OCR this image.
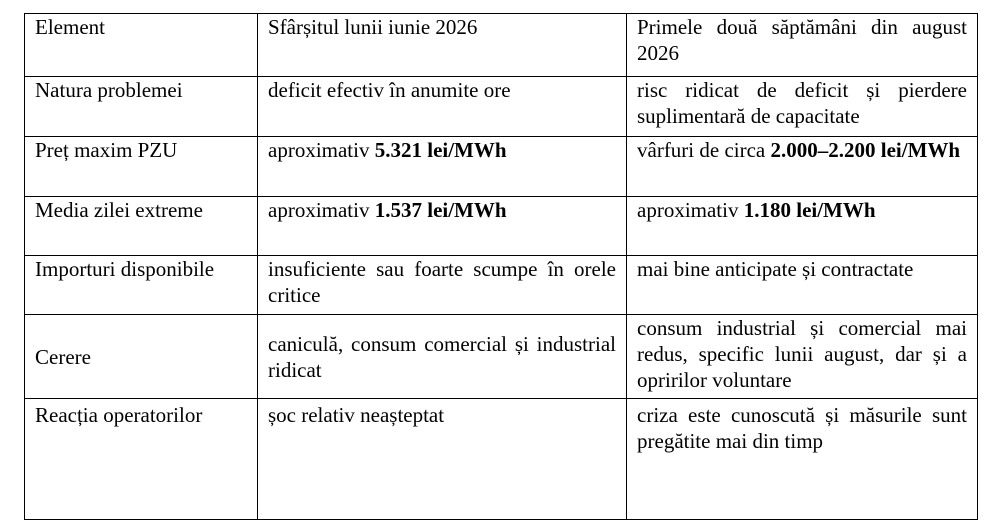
Element	Sfârșitul lunii iunie 2026	Primele două săptămâni din august 2026
Natura problemei	deficit efectiv în anumite ore	risc ridicat de deficit și pierdere suplimentară de capacitate
Preț maxim PZU	aproximativ 5.321 lei/MWh	vârfuri de circa 2.000–2.200 lei/MWh
Media zilei extreme	aproximativ 1.537 lei/MWh	aproximativ 1.180 lei/MWh
Importuri disponibile	insuficiente sau foarte scumpe în orele critice	mai bine anticipate și contractate
Cerere	caniculă, consum comercial și industrial ridicat	consum industrial și comercial mai redus, specific lunii august, dar și a opririlor voluntare
Reacția operatorilor	șoc relativ neașteptat	criza este cunoscută și măsurile sunt pregătite mai din timp
